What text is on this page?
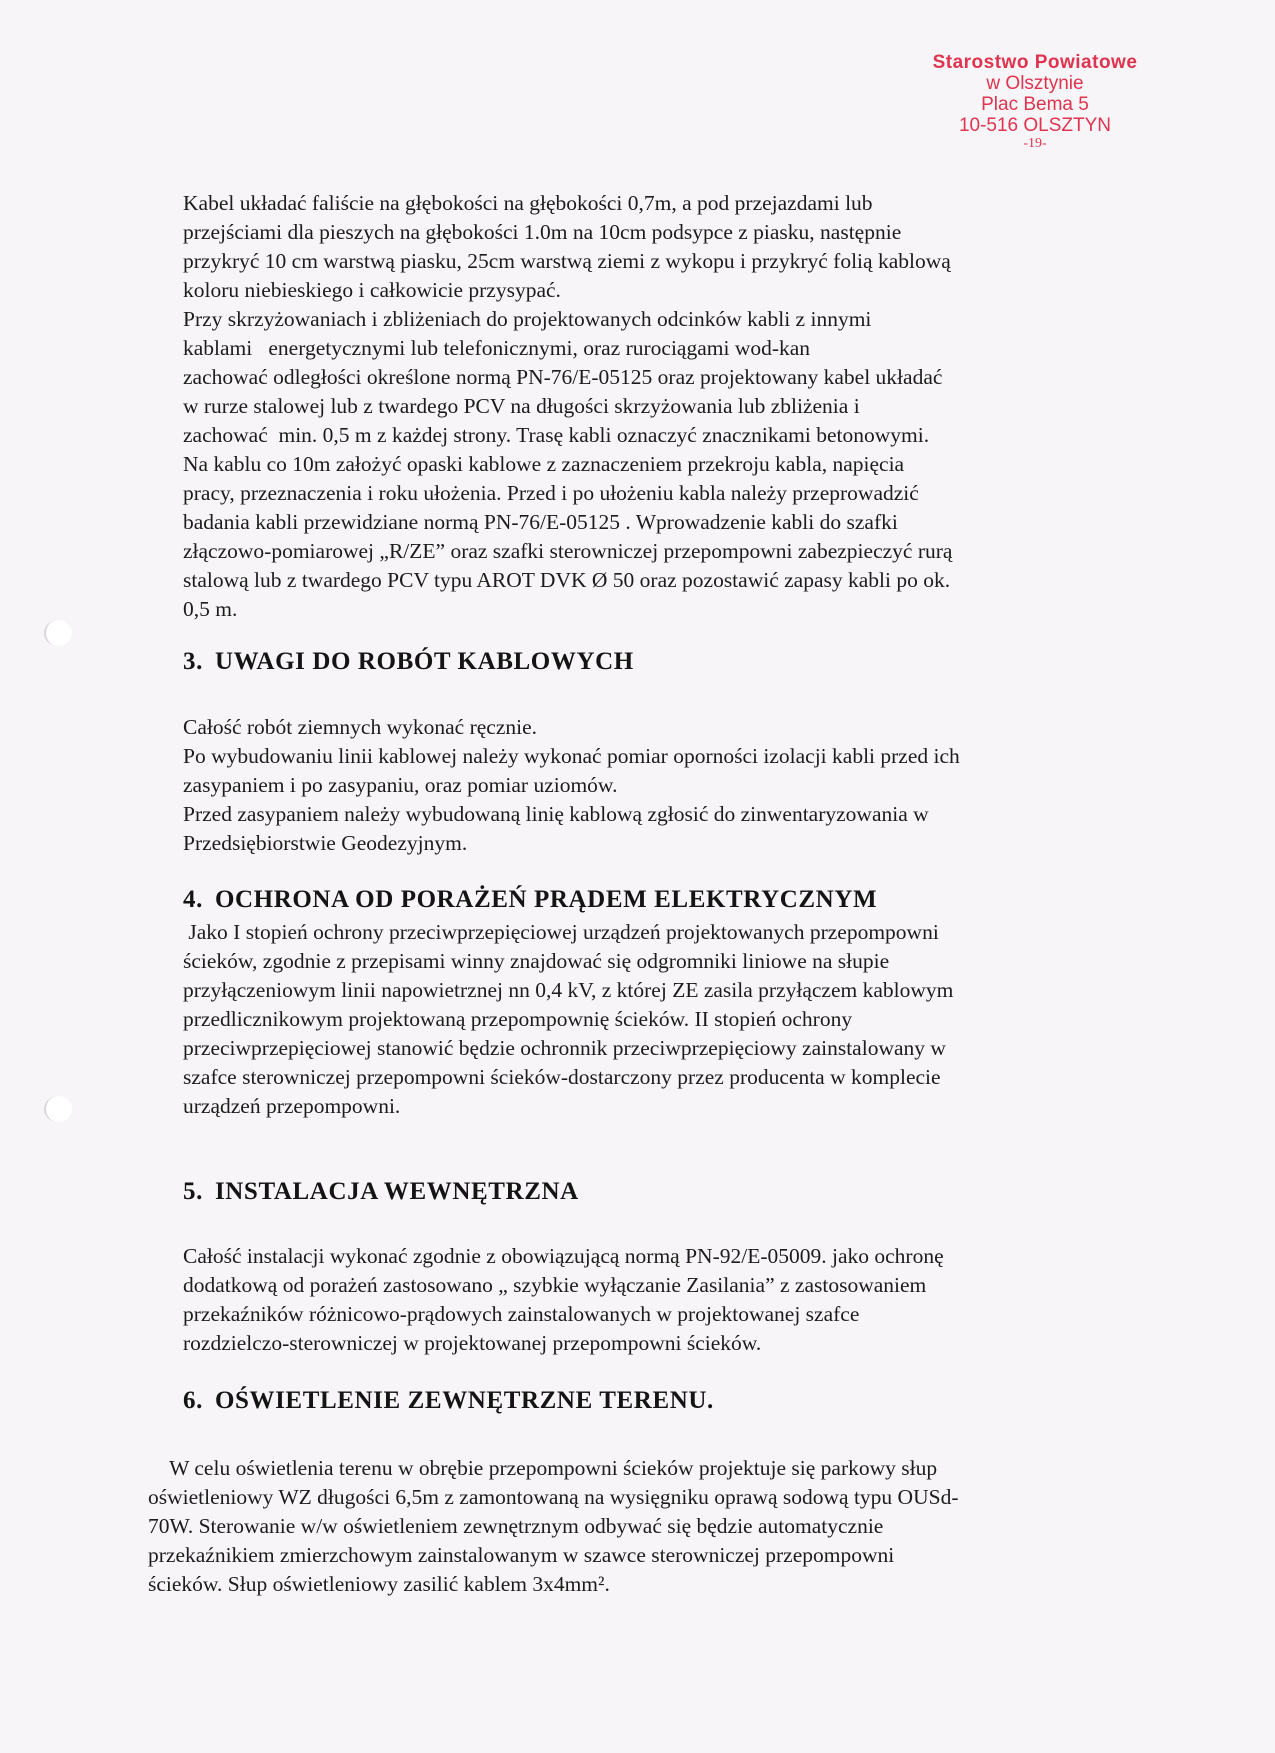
Starostwo Powiatowe
w Olsztynie
Plac Bema 5
10-516 OLSZTYN
-19-
Kabel układać faliście na głębokości na głębokości 0,7m, a pod przejazdami lub
przejściami dla pieszych na głębokości 1.0m na 10cm podsypce z piasku, następnie
przykryć 10 cm warstwą piasku, 25cm warstwą ziemi z wykopu i przykryć folią kablową
koloru niebieskiego i całkowicie przysypać.
Przy skrzyżowaniach i zbliżeniach do projektowanych odcinków kabli z innymi
kablami   energetycznymi lub telefonicznymi, oraz rurociągami wod-kan
zachować odległości określone normą PN-76/E-05125 oraz projektowany kabel układać
w rurze stalowej lub z twardego PCV na długości skrzyżowania lub zbliżenia i
zachować  min. 0,5 m z każdej strony. Trasę kabli oznaczyć znacznikami betonowymi.
Na kablu co 10m założyć opaski kablowe z zaznaczeniem przekroju kabla, napięcia
pracy, przeznaczenia i roku ułożenia. Przed i po ułożeniu kabla należy przeprowadzić
badania kabli przewidziane normą PN-76/E-05125 . Wprowadzenie kabli do szafki
złączowo-pomiarowej „R/ZE” oraz szafki sterowniczej przepompowni zabezpieczyć rurą
stalową lub z twardego PCV typu AROT DVK Ø 50 oraz pozostawić zapasy kabli po ok.
0,5 m.
3. UWAGI DO ROBÓT KABLOWYCH
Całość robót ziemnych wykonać ręcznie.
Po wybudowaniu linii kablowej należy wykonać pomiar oporności izolacji kabli przed ich
zasypaniem i po zasypaniu, oraz pomiar uziomów.
Przed zasypaniem należy wybudowaną linię kablową zgłosić do zinwentaryzowania w
Przedsiębiorstwie Geodezyjnym.
4. OCHRONA OD PORAŻEŃ PRĄDEM ELEKTRYCZNYM
Jako I stopień ochrony przeciwprzepięciowej urządzeń projektowanych przepompowni
ścieków, zgodnie z przepisami winny znajdować się odgromniki liniowe na słupie
przyłączeniowym linii napowietrznej nn 0,4 kV, z której ZE zasila przyłączem kablowym
przedlicznikowym projektowaną przepompownię ścieków. II stopień ochrony
przeciwprzepięciowej stanowić będzie ochronnik przeciwprzepięciowy zainstalowany w
szafce sterowniczej przepompowni ścieków-dostarczony przez producenta w komplecie
urządzeń przepompowni.
5. INSTALACJA WEWNĘTRZNA
Całość instalacji wykonać zgodnie z obowiązującą normą PN-92/E-05009. jako ochronę
dodatkową od porażeń zastosowano „ szybkie wyłączanie Zasilania” z zastosowaniem
przekaźników różnicowo-prądowych zainstalowanych w projektowanej szafce
rozdzielczo-sterowniczej w projektowanej przepompowni ścieków.
6. OŚWIETLENIE ZEWNĘTRZNE TERENU.
W celu oświetlenia terenu w obrębie przepompowni ścieków projektuje się parkowy słup
oświetleniowy WZ długości 6,5m z zamontowaną na wysięgniku oprawą sodową typu OUSd-
70W. Sterowanie w/w oświetleniem zewnętrznym odbywać się będzie automatycznie
przekaźnikiem zmierzchowym zainstalowanym w szawce sterowniczej przepompowni
ścieków. Słup oświetleniowy zasilić kablem 3x4mm².
